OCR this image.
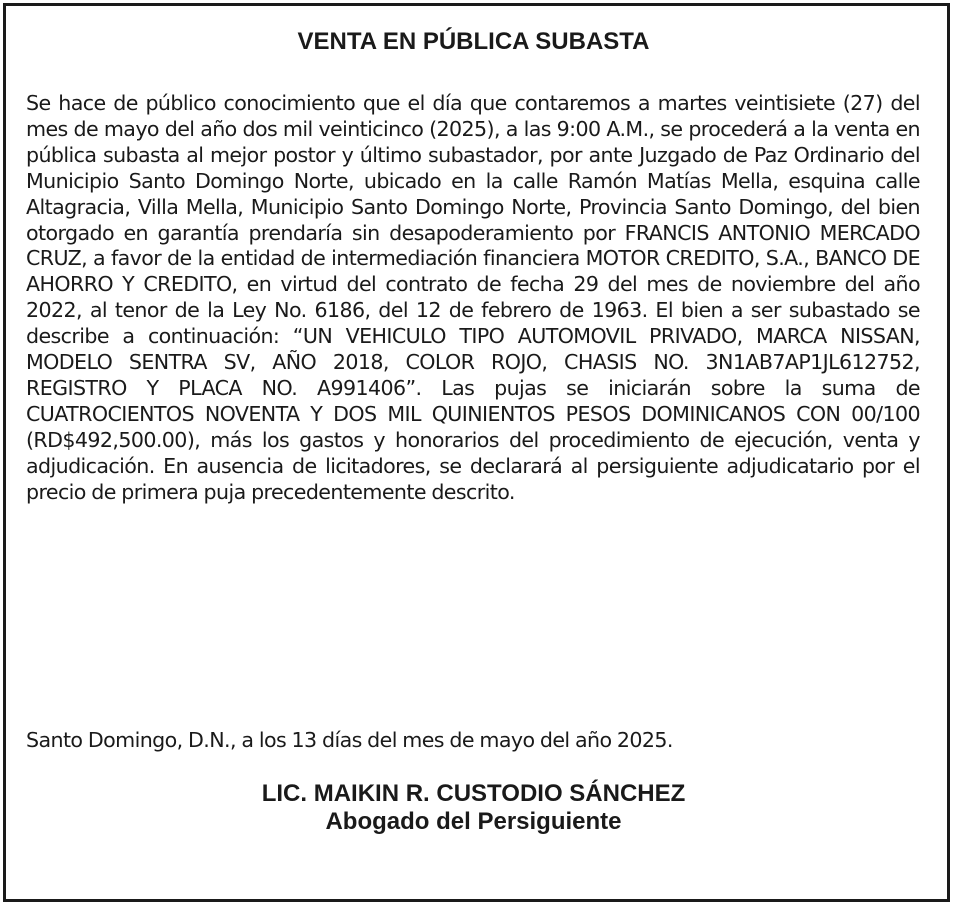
VENTA EN PÚBLICA SUBASTA

Se hace de público conocimiento que el día que contaremos a martes veintisiete (27) del mes de mayo del año dos mil veinticinco (2025), a las 9:00 A.M., se procederá a la venta en pública subasta al mejor postor y último subastador, por ante Juzgado de Paz Ordinario del Municipio Santo Domingo Norte, ubicado en la calle Ramón Matías Mella, esquina calle Altagracia, Villa Mella, Municipio Santo Domingo Norte, Provincia Santo Domingo, del bien otorgado en garantía prendaría sin desapoderamiento por FRANCIS ANTONIO MERCADO CRUZ, a favor de la entidad de intermediación financiera MOTOR CREDITO, S.A., BANCO DE AHORRO Y CREDITO, en virtud del contrato de fecha 29 del mes de noviembre del año 2022, al tenor de la Ley No. 6186, del 12 de febrero de 1963. El bien a ser subastado se describe a continuación: “UN VEHICULO TIPO AUTOMOVIL PRIVADO, MARCA NISSAN, MODELO SENTRA SV, AÑO 2018, COLOR ROJO, CHASIS NO. 3N1AB7AP1JL612752, REGISTRO Y PLACA NO. A991406”. Las pujas se iniciarán sobre la suma de CUATROCIENTOS NOVENTA Y DOS MIL QUINIENTOS PESOS DOMINICANOS CON 00/100 (RD$492,500.00), más los gastos y honorarios del procedimiento de ejecución, venta y adjudicación. En ausencia de licitadores, se declarará al persiguiente adjudicatario por el precio de primera puja precedentemente descrito.

Santo Domingo, D.N., a los 13 días del mes de mayo del año 2025.

LIC. MAIKIN R. CUSTODIO SÁNCHEZ
Abogado del Persiguiente
